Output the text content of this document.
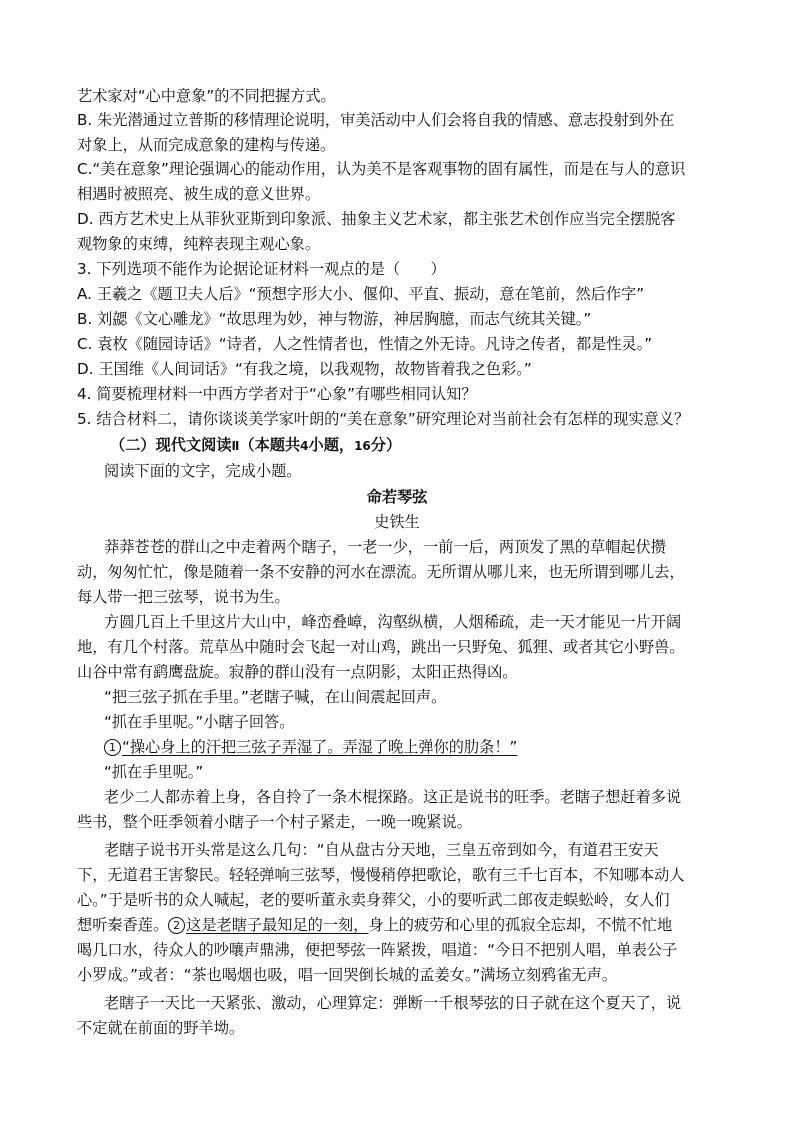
艺术家对“心中意象”的不同把握方式。
B. 朱光潜通过立普斯的移情理论说明，审美活动中人们会将自我的情感、意志投射到外在
对象上，从而完成意象的建构与传递。
C.“美在意象”理论强调心的能动作用，认为美不是客观事物的固有属性，而是在与人的意识
相遇时被照亮、被生成的意义世界。
D. 西方艺术史上从菲狄亚斯到印象派、抽象主义艺术家，都主张艺术创作应当完全摆脱客
观物象的束缚，纯粹表现主观心象。
3. 下列选项不能作为论据论证材料一观点的是（　　）
A. 王羲之《题卫夫人后》“预想字形大小、偃仰、平直、振动，意在笔前，然后作字”
B. 刘勰《文心雕龙》“故思理为妙，神与物游，神居胸臆，而志气统其关键。”
C. 袁枚《随园诗话》“诗者，人之性情者也，性情之外无诗。凡诗之传者，都是性灵。”
D. 王国维《人间词话》“有我之境，以我观物，故物皆着我之色彩。”
4. 简要梳理材料一中西方学者对于“心象”有哪些相同认知？
5. 结合材料二，请你谈谈美学家叶朗的“美在意象”研究理论对当前社会有怎样的现实意义？
（二）现代文阅读Ⅱ（本题共4小题，16分）
阅读下面的文字，完成小题。
命若琴弦
史铁生
莽莽苍苍的群山之中走着两个瞎子，一老一少，一前一后，两顶发了黑的草帽起伏攒
动，匆匆忙忙，像是随着一条不安静的河水在漂流。无所谓从哪儿来，也无所谓到哪儿去，
每人带一把三弦琴，说书为生。
方圆几百上千里这片大山中，峰峦叠嶂，沟壑纵横，人烟稀疏，走一天才能见一片开阔
地，有几个村落。荒草丛中随时会飞起一对山鸡，跳出一只野兔、狐狸、或者其它小野兽。
山谷中常有鹞鹰盘旋。寂静的群山没有一点阴影，太阳正热得凶。
“把三弦子抓在手里。”老瞎子喊，在山间震起回声。
“抓在手里呢。”小瞎子回答。
1 “操心身上的汗把三弦子弄湿了。弄湿了晚上弹你的肋条！”
“抓在手里呢。”
老少二人都赤着上身，各自拎了一条木棍探路。这正是说书的旺季。老瞎子想赶着多说
些书，整个旺季领着小瞎子一个村子紧走，一晚一晚紧说。
老瞎子说书开头常是这么几句：“自从盘古分天地，三皇五帝到如今，有道君王安天
下，无道君王害黎民。轻轻弹响三弦琴，慢慢稍停把歌论，歌有三千七百本，不知哪本动人
心。”于是听书的众人喊起，老的要听董永卖身葬父，小的要听武二郎夜走蜈蚣岭，女人们
想听秦香莲。 2 这是老瞎子最知足的一刻，身上的疲劳和心里的孤寂全忘却，不慌不忙地
喝几口水，待众人的吵嚷声鼎沸，便把琴弦一阵紧拨，唱道：“今日不把别人唱，单表公子
小罗成。”或者：“茶也喝烟也吸，唱一回哭倒长城的孟姜女。”满场立刻鸦雀无声。
老瞎子一天比一天紧张、激动，心理算定：弹断一千根琴弦的日子就在这个夏天了，说
不定就在前面的野羊坳。
